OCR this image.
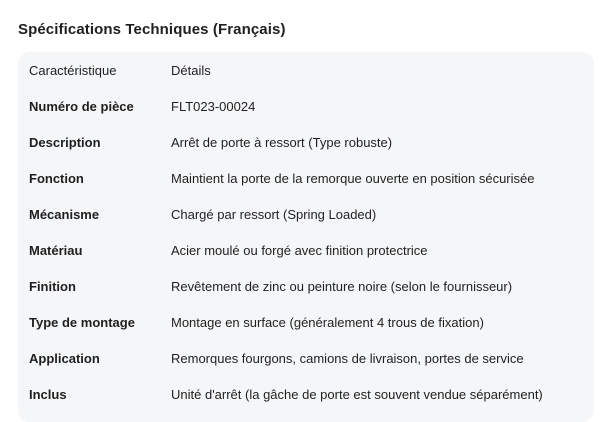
Spécifications Techniques (Français)
Caractéristique	Détails
Numéro de pièce	FLT023-00024
Description	Arrêt de porte à ressort (Type robuste)
Fonction	Maintient la porte de la remorque ouverte en position sécurisée
Mécanisme	Chargé par ressort (Spring Loaded)
Matériau	Acier moulé ou forgé avec finition protectrice
Finition	Revêtement de zinc ou peinture noire (selon le fournisseur)
Type de montage	Montage en surface (généralement 4 trous de fixation)
Application	Remorques fourgons, camions de livraison, portes de service
Inclus	Unité d'arrêt (la gâche de porte est souvent vendue séparément)
